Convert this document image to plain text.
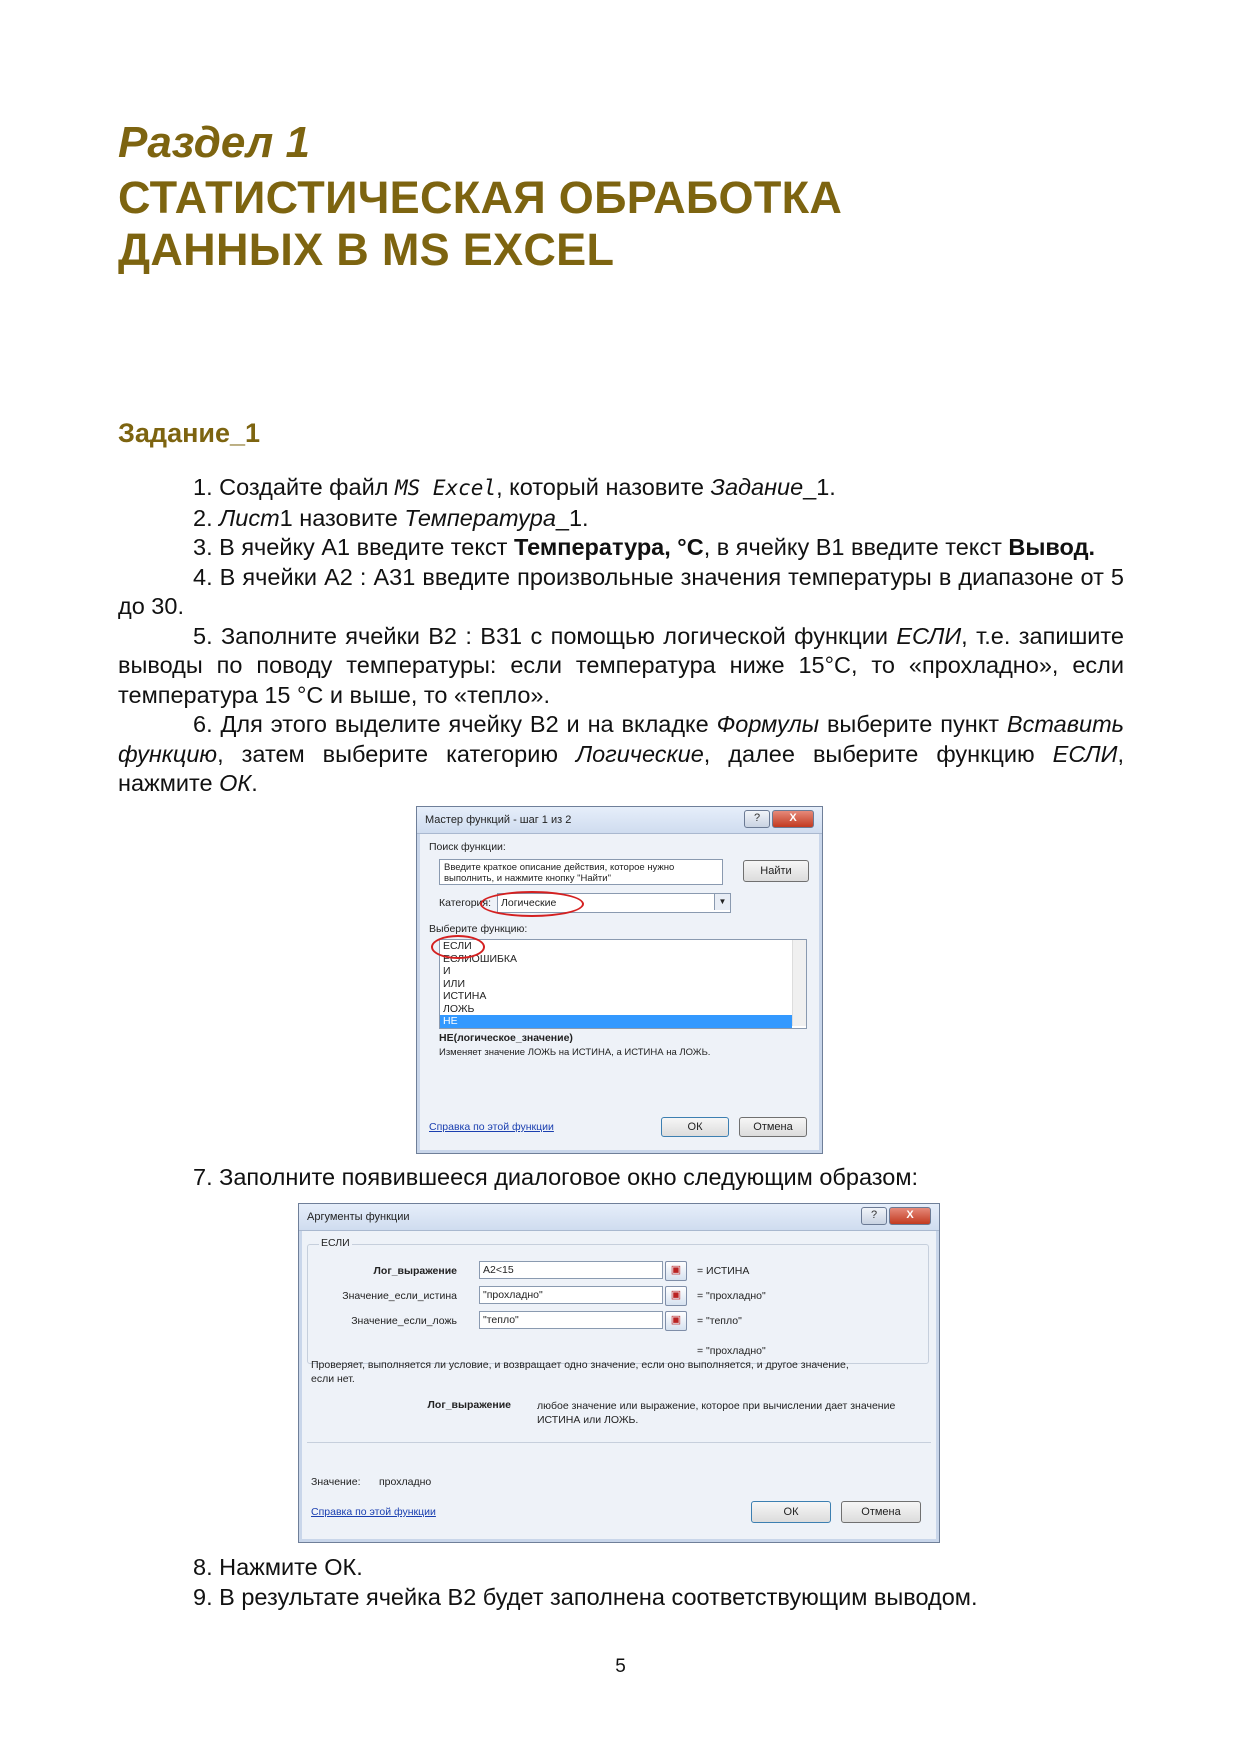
Раздел 1
СТАТИСТИЧЕСКАЯ ОБРАБОТКА
ДАННЫХ В MS EXCEL
Задание_1

1. Создайте файл MS Excel, который назовите Задание_1.

2. Лист1 назовите Температура_1.

3. В ячейку А1 введите текст Температура, °С, в ячейку В1 введите текст Вывод.

4. В ячейки А2 : А31 введите произвольные значения температуры в диапазоне от 5 до 30.

5. Заполните ячейки В2 : В31 с помощью логической функции ЕСЛИ, т.е. запишите выводы по поводу температуры: если температура ниже 15°С, то «прохладно», если температура 15 °С и выше, то «тепло».

6. Для этого выделите ячейку В2 и на вкладке Формулы выберите пункт Вставить функцию, затем выберите категорию Логические, далее выберите функцию ЕСЛИ, нажмите ОК.

Мастер функций - шаг 1 из 2	?	X
Поиск функции:
Введите краткое описание действия, которое нужно выполнить, и нажмите кнопку "Найти"
Найти
Категория: Логические	▼
Выберите функцию:
ЕСЛИ
ЕСЛИОШИБКА
И
ИЛИ
ИСТИНА
ЛОЖЬ
НЕ
НЕ(логическое_значение)
Изменяет значение ЛОЖЬ на ИСТИНА, а ИСТИНА на ЛОЖЬ.
Справка по этой функции	ОК	Отмена

7. Заполните появившееся диалоговое окно следующим образом:

Аргументы функции	?	X
ЕСЛИ
Лог_выражение	A2<15	▣	= ИСТИНА
Значение_если_истина	"прохладно"	▣	= "прохладно"
Значение_если_ложь	"тепло"	▣	= "тепло"
= "прохладно"
Проверяет, выполняется ли условие, и возвращает одно значение, если оно выполняется, и другое значение, если нет.
Лог_выражение любое значение или выражение, которое при вычислении дает значение ИСТИНА или ЛОЖЬ.
Значение: прохладно
Справка по этой функции	ОК	Отмена

8. Нажмите ОК.

9. В результате ячейка В2 будет заполнена соответствующим выводом.

5
